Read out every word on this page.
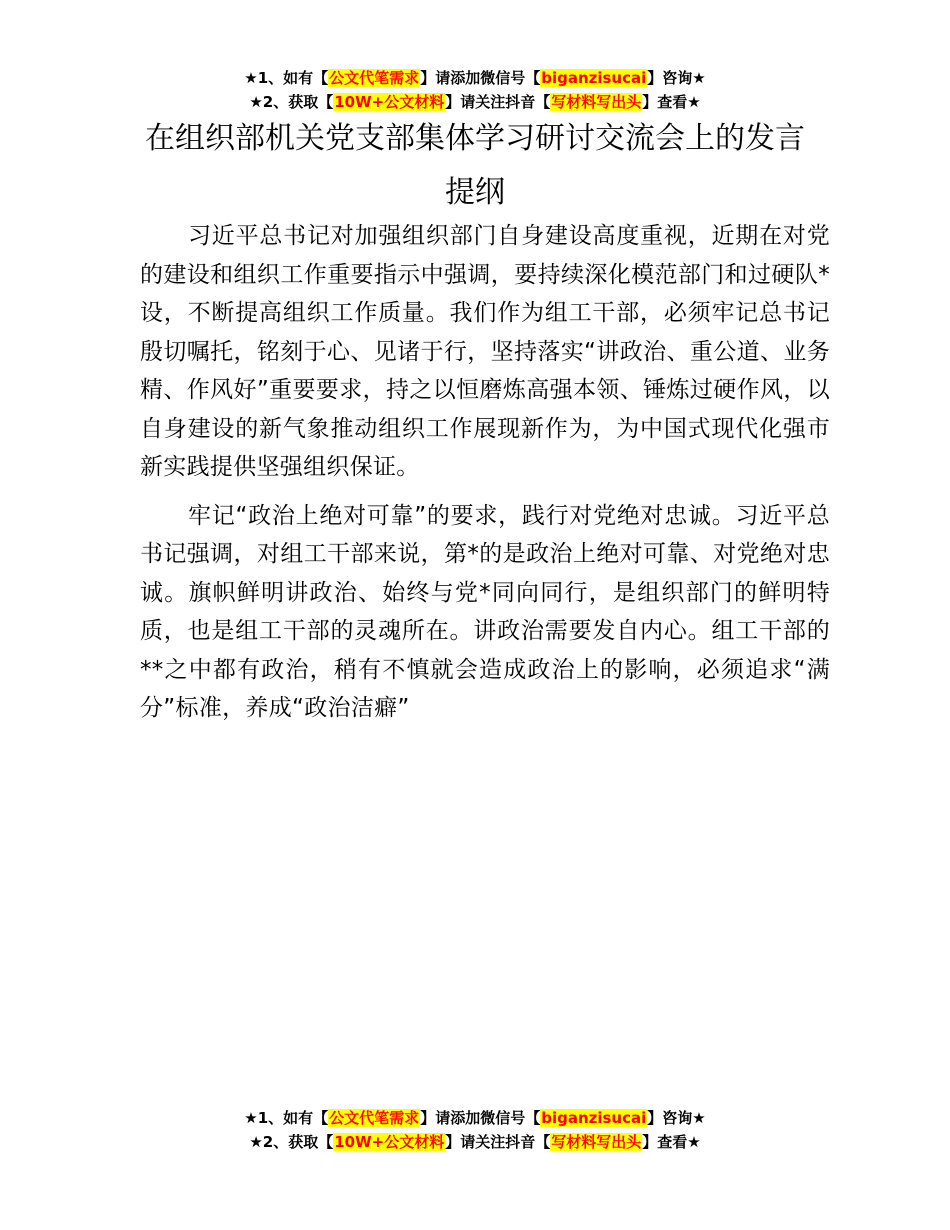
★1、如有【公文代笔需求】请添加微信号【biganzisucai】咨询★
★2、获取【10W+公文材料】请关注抖音【写材料写出头】查看★
在组织部机关党支部集体学习研讨交流会上的发言提纲

习近平总书记对加强组织部门自身建设高度重视，近期在对党的建设和组织工作重要指示中强调，要持续深化模范部门和过硬队*设，不断提高组织工作质量。我们作为组工干部，必须牢记总书记殷切嘱托，铭刻于心、见诸于行，坚持落实“讲政治、重公道、业务精、作风好”重要要求，持之以恒磨炼高强本领、锤炼过硬作风，以自身建设的新气象推动组织工作展现新作为，为中国式现代化强市新实践提供坚强组织保证。

牢记“政治上绝对可靠”的要求，践行对党绝对忠诚。习近平总书记强调，对组工干部来说，第*的是政治上绝对可靠、对党绝对忠诚。旗帜鲜明讲政治、始终与党*同向同行，是组织部门的鲜明特质，也是组工干部的灵魂所在。讲政治需要发自内心。组工干部的**之中都有政治，稍有不慎就会造成政治上的影响，必须追求“满分”标准，养成“政治洁癖”

★1、如有【公文代笔需求】请添加微信号【biganzisucai】咨询★
★2、获取【10W+公文材料】请关注抖音【写材料写出头】查看★
